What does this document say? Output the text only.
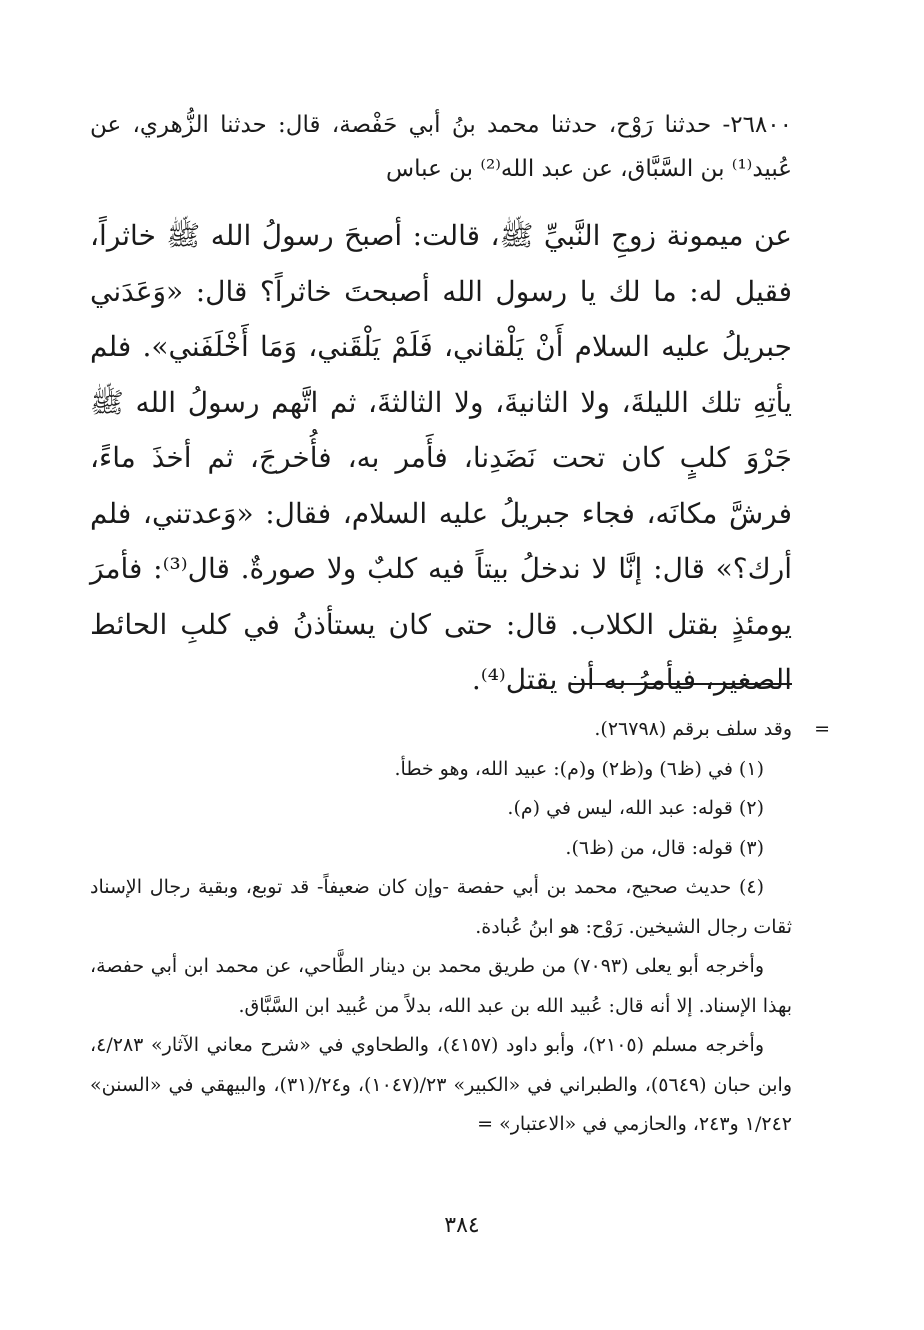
٢٦٨٠٠- حدثنا رَوْح، حدثنا محمد بنُ أبي حَفْصة، قال: حدثنا الزُّهري، عن عُبيد⁽¹⁾ بن السَّبَّاق، عن عبد الله⁽²⁾ بن عباس

عن ميمونة زوجِ النَّبيِّ ﷺ، قالت: أصبحَ رسولُ الله ﷺ خاثراً، فقيل له: ما لك يا رسول الله أصبحتَ خاثراً؟ قال: «وَعَدَني جبريلُ عليه السلام أَنْ يَلْقاني، فَلَمْ يَلْقَني، وَمَا أَخْلَفَني». فلم يأتِهِ تلك الليلةَ، ولا الثانيةَ، ولا الثالثةَ، ثم اتَّهم رسولُ الله ﷺ جَرْوَ كلبٍ كان تحت نَضَدِنا، فأَمر به، فأُخرجَ، ثم أخذَ ماءً، فرشَّ مكانَه، فجاء جبريلُ عليه السلام، فقال: «وَعدتني، فلم أرك؟» قال: إنَّا لا ندخلُ بيتاً فيه كلبٌ ولا صورةٌ. قال⁽³⁾: فأمرَ يومئذٍ بقتل الكلاب. قال: حتى كان يستأذنُ في كلبِ الحائط الصغير، فيأمرُ به أن يقتل⁽⁴⁾.

=
وقد سلف برقم (٢٦٧٩٨).

(١) في (ظ٦) و(ظ٢) و(م): عبيد الله، وهو خطأ.

(٢) قوله: عبد الله، ليس في (م).

(٣) قوله: قال، من (ظ٦).

(٤) حديث صحيح، محمد بن أبي حفصة -وإن كان ضعيفاً- قد توبع، وبقية رجال الإسناد ثقات رجال الشيخين. رَوْح: هو ابنُ عُبادة.

وأخرجه أبو يعلى (٧٠٩٣) من طريق محمد بن دينار الطَّاحي، عن محمد ابن أبي حفصة، بهذا الإسناد. إلا أنه قال: عُبيد الله بن عبد الله، بدلاً من عُبيد ابن السَّبَّاق.

وأخرجه مسلم (٢١٠٥)، وأبو داود (٤١٥٧)، والطحاوي في «شرح معاني الآثار» ٤/٢٨٣، وابن حبان (٥٦٤٩)، والطبراني في «الكبير» ٢٣/(١٠٤٧)، و٢٤/(٣١)، والبيهقي في «السنن» ١/٢٤٢ و٢٤٣، والحازمي في «الاعتبار» =

٣٨٤
